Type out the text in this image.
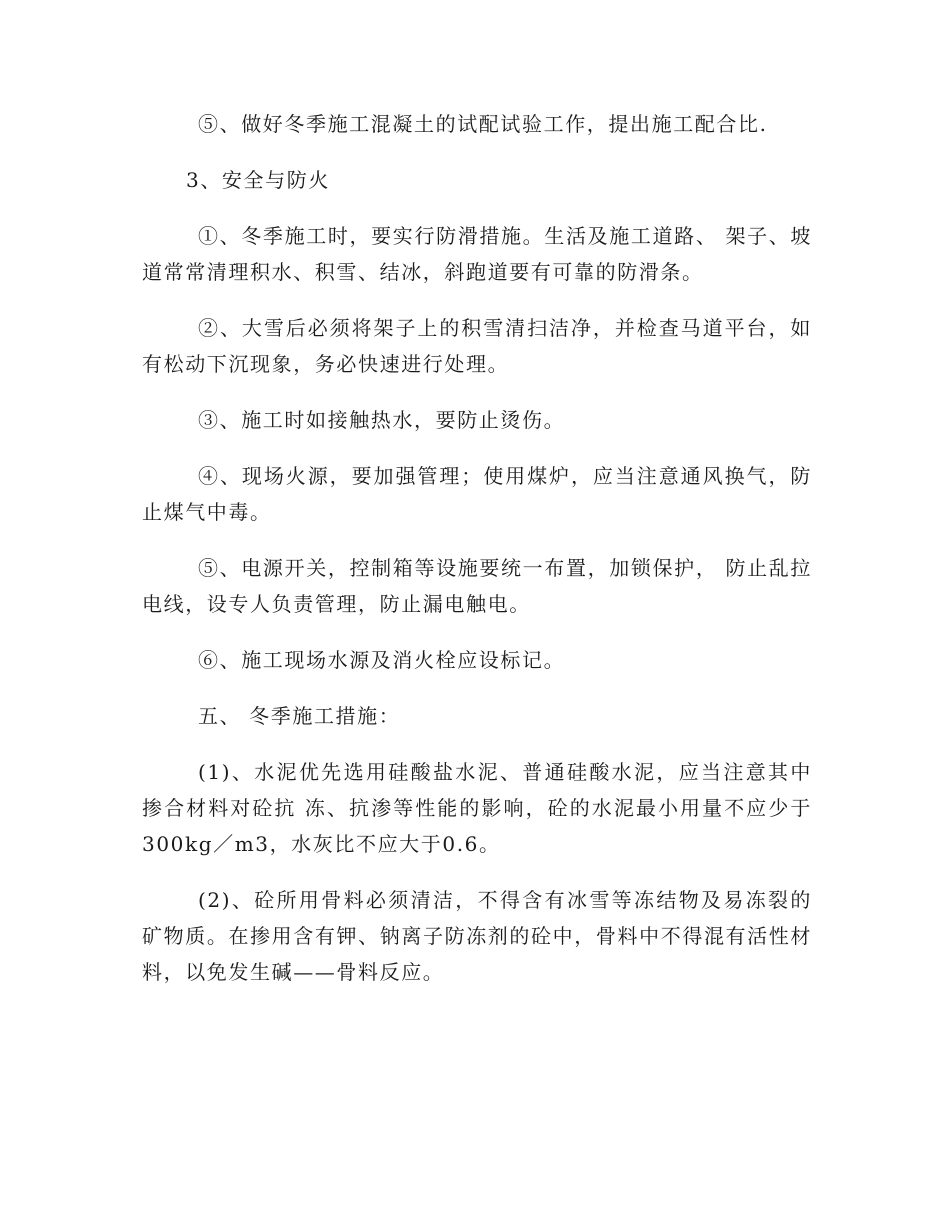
⑤、做好冬季施工混凝土的试配试验工作，提出施工配合比.

3、安全与防火

①、冬季施工时，要实行防滑措施。生活及施工道路、 架子、坡道常常清理积水、积雪、结冰，斜跑道要有可靠的防滑条。

②、大雪后必须将架子上的积雪清扫洁净，并检查马道平台，如有松动下沉现象，务必快速进行处理。

③、施工时如接触热水，要防止烫伤。

④、现场火源，要加强管理；使用煤炉，应当注意通风换气，防止煤气中毒。

⑤、电源开关，控制箱等设施要统一布置，加锁保护， 防止乱拉电线，设专人负责管理，防止漏电触电。

⑥、施工现场水源及消火栓应设标记。

五、 冬季施工措施：

(1)、水泥优先选用硅酸盐水泥、普通硅酸水泥，应当注意其中掺合材料对砼抗 冻、抗渗等性能的影响，砼的水泥最小用量不应少于 300kg／m3，水灰比不应大于0.6。

(2)、砼所用骨料必须清洁，不得含有冰雪等冻结物及易冻裂的矿物质。在掺用含有钾、钠离子防冻剂的砼中，骨料中不得混有活性材料，以免发生碱——骨料反应。
